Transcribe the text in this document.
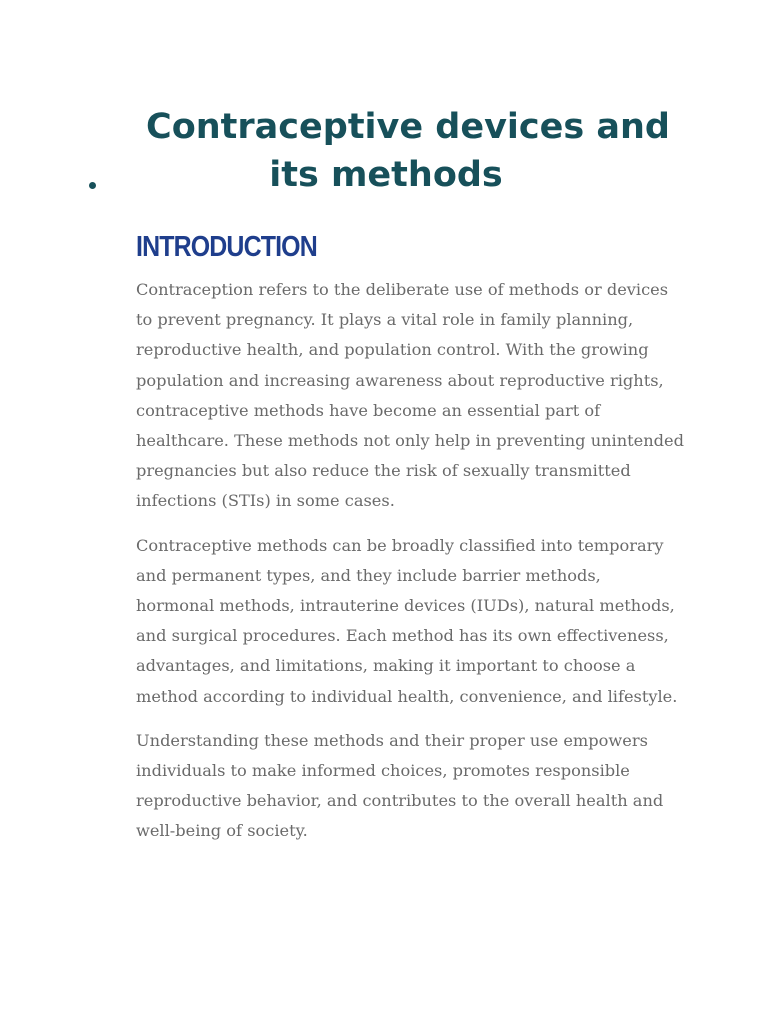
Contraceptive devices and
its methods
INTRODUCTION

Contraception refers to the deliberate use of methods or devices to prevent pregnancy. It plays a vital role in family planning, reproductive health, and population control. With the growing population and increasing awareness about reproductive rights, contraceptive methods have become an essential part of healthcare. These methods not only help in preventing unintended pregnancies but also reduce the risk of sexually transmitted infections (STIs) in some cases.

Contraceptive methods can be broadly classified into temporary and permanent types, and they include barrier methods, hormonal methods, intrauterine devices (IUDs), natural methods, and surgical procedures. Each method has its own effectiveness, advantages, and limitations, making it important to choose a method according to individual health, convenience, and lifestyle.

Understanding these methods and their proper use empowers individuals to make informed choices, promotes responsible reproductive behavior, and contributes to the overall health and well-being of society.
